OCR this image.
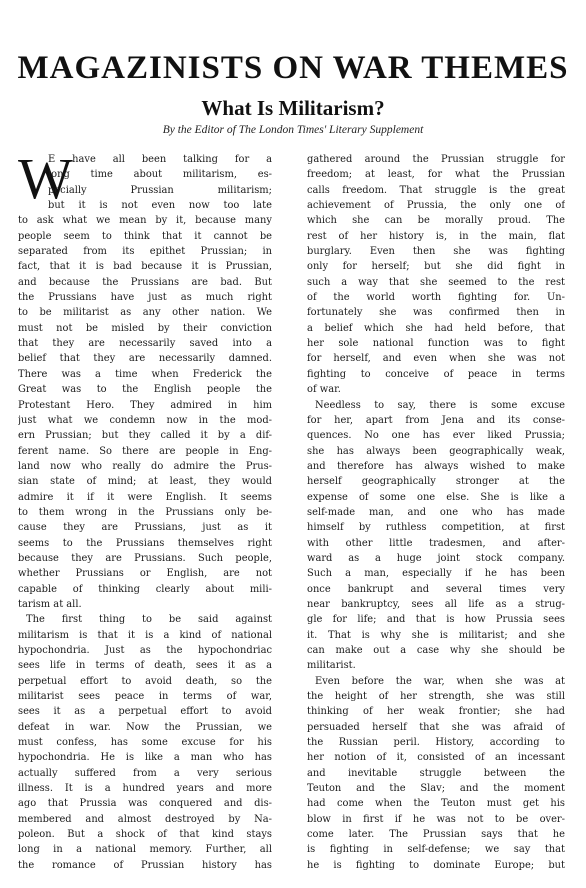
MAGAZINISTS ON WAR THEMES
What Is Militarism?
By the Editor of The London Times' Literary Supplement
W
E have all been talking for a
long time about militarism, es-
pecially Prussian militarism;
but it is not even now too late
to ask what we mean by it, because many
people seem to think that it cannot be
separated from its epithet Prussian; in
fact, that it is bad because it is Prussian,
and because the Prussians are bad. But
the Prussians have just as much right
to be militarist as any other nation. We
must not be misled by their conviction
that they are necessarily saved into a
belief that they are necessarily damned.
There was a time when Frederick the
Great was to the English people the
Protestant Hero. They admired in him
just what we condemn now in the mod-
ern Prussian; but they called it by a dif-
ferent name. So there are people in Eng-
land now who really do admire the Prus-
sian state of mind; at least, they would
admire it if it were English. It seems
to them wrong in the Prussians only be-
cause they are Prussians, just as it
seems to the Prussians themselves right
because they are Prussians. Such people,
whether Prussians or English, are not
capable of thinking clearly about mili-
tarism at all.
The first thing to be said against
militarism is that it is a kind of national
hypochondria. Just as the hypochondriac
sees life in terms of death, sees it as a
perpetual effort to avoid death, so the
militarist sees peace in terms of war,
sees it as a perpetual effort to avoid
defeat in war. Now the Prussian, we
must confess, has some excuse for his
hypochondria. He is like a man who has
actually suffered from a very serious
illness. It is a hundred years and more
ago that Prussia was conquered and dis-
membered and almost destroyed by Na-
poleon. But a shock of that kind stays
long in a national memory. Further, all
the romance of Prussian history has
gathered around the Prussian struggle for
freedom; at least, for what the Prussian
calls freedom. That struggle is the great
achievement of Prussia, the only one of
which she can be morally proud. The
rest of her history is, in the main, flat
burglary. Even then she was fighting
only for herself; but she did fight in
such a way that she seemed to the rest
of the world worth fighting for. Un-
fortunately she was confirmed then in
a belief which she had held before, that
her sole national function was to fight
for herself, and even when she was not
fighting to conceive of peace in terms
of war.
Needless to say, there is some excuse
for her, apart from Jena and its conse-
quences. No one has ever liked Prussia;
she has always been geographically weak,
and therefore has always wished to make
herself geographically stronger at the
expense of some one else. She is like a
self-made man, and one who has made
himself by ruthless competition, at first
with other little tradesmen, and after-
ward as a huge joint stock company.
Such a man, especially if he has been
once bankrupt and several times very
near bankruptcy, sees all life as a strug-
gle for life; and that is how Prussia sees
it. That is why she is militarist; and she
can make out a case why she should be
militarist.
Even before the war, when she was at
the height of her strength, she was still
thinking of her weak frontier; she had
persuaded herself that she was afraid of
the Russian peril. History, according to
her notion of it, consisted of an incessant
and inevitable struggle between the
Teuton and the Slav; and the moment
had come when the Teuton must get his
blow in first if he was not to be over-
come later. The Prussian says that he
is fighting in self-defense; we say that
he is fighting to dominate Europe; but
